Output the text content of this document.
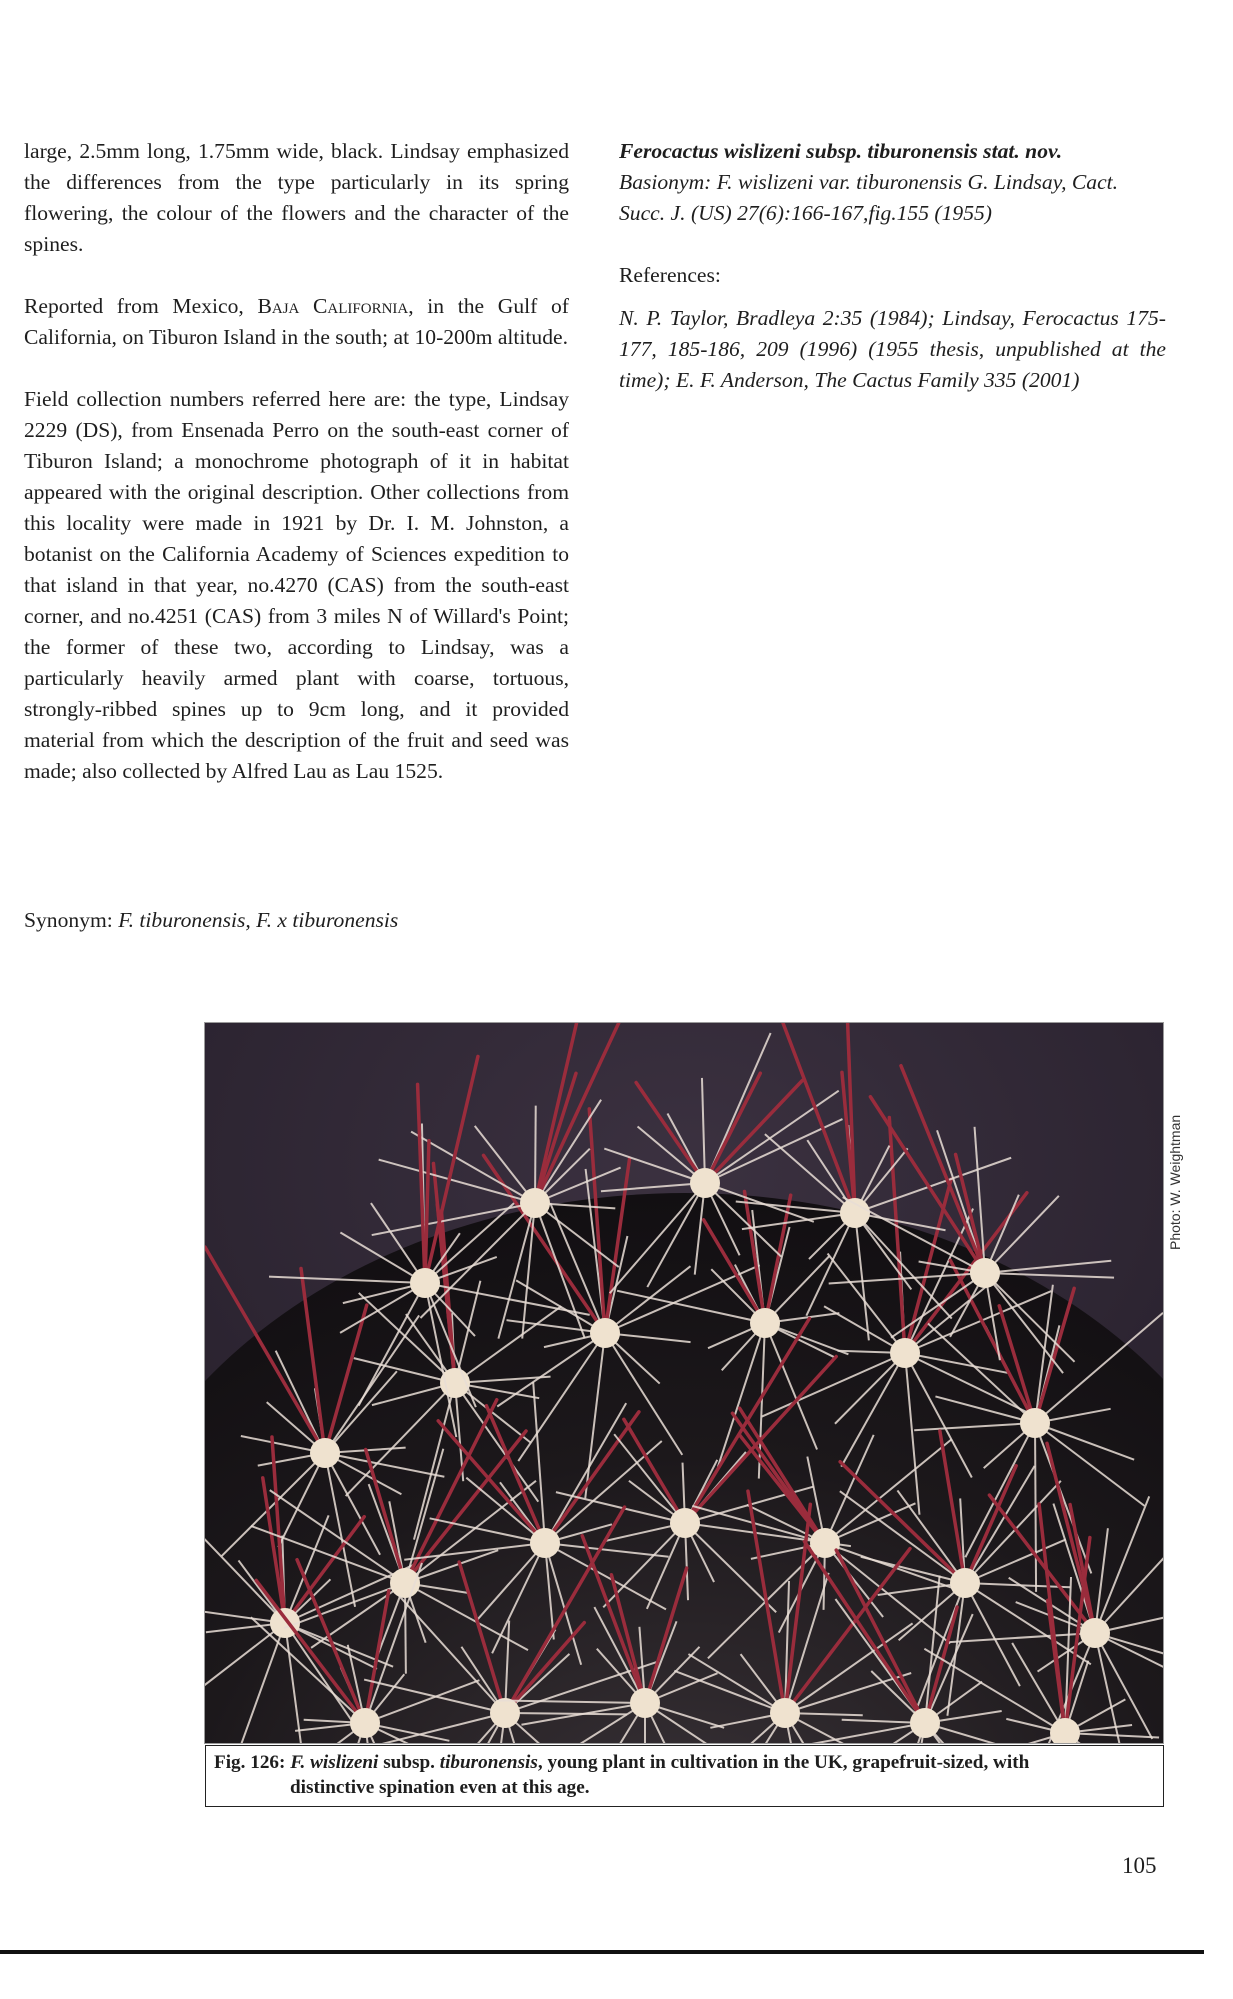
large, 2.5mm long, 1.75mm wide, black. Lindsay emphasized the differences from the type particularly in its spring flowering, the colour of the flowers and the character of the spines.

Reported from Mexico, Baja California, in the Gulf of California, on Tiburon Island in the south; at 10-200m altitude.

Field collection numbers referred here are: the type, Lindsay 2229 (DS), from Ensenada Perro on the south-east corner of Tiburon Island; a monochrome photograph of it in habitat appeared with the original description. Other collections from this locality were made in 1921 by Dr. I. M. Johnston, a botanist on the California Academy of Sciences expedition to that island in that year, no.4270 (CAS) from the south-east corner, and no.4251 (CAS) from 3 miles N of Willard's Point; the former of these two, according to Lindsay, was a particularly heavily armed plant with coarse, tortuous, strongly-ribbed spines up to 9cm long, and it provided material from which the description of the fruit and seed was made; also collected by Alfred Lau as Lau 1525.

Synonym: F. tiburonensis, F. x tiburonensis

Ferocactus wislizeni subsp. tiburonensis stat. nov.

Basionym: F. wislizeni var. tiburonensis G. Lindsay, Cact. Succ. J. (US) 27(6):166-167,fig.155 (1955)

References:

N. P. Taylor, Bradleya 2:35 (1984); Lindsay, Ferocactus 175-177, 185-186, 209 (1996) (1955 thesis, unpublished at the time); E. F. Anderson, The Cactus Family 335 (2001)

Photo: W. Weightman
Fig. 126: F. wislizeni subsp. tiburonensis, young plant in cultivation in the UK, grapefruit-sized, with
distinctive spination even at this age.
105
